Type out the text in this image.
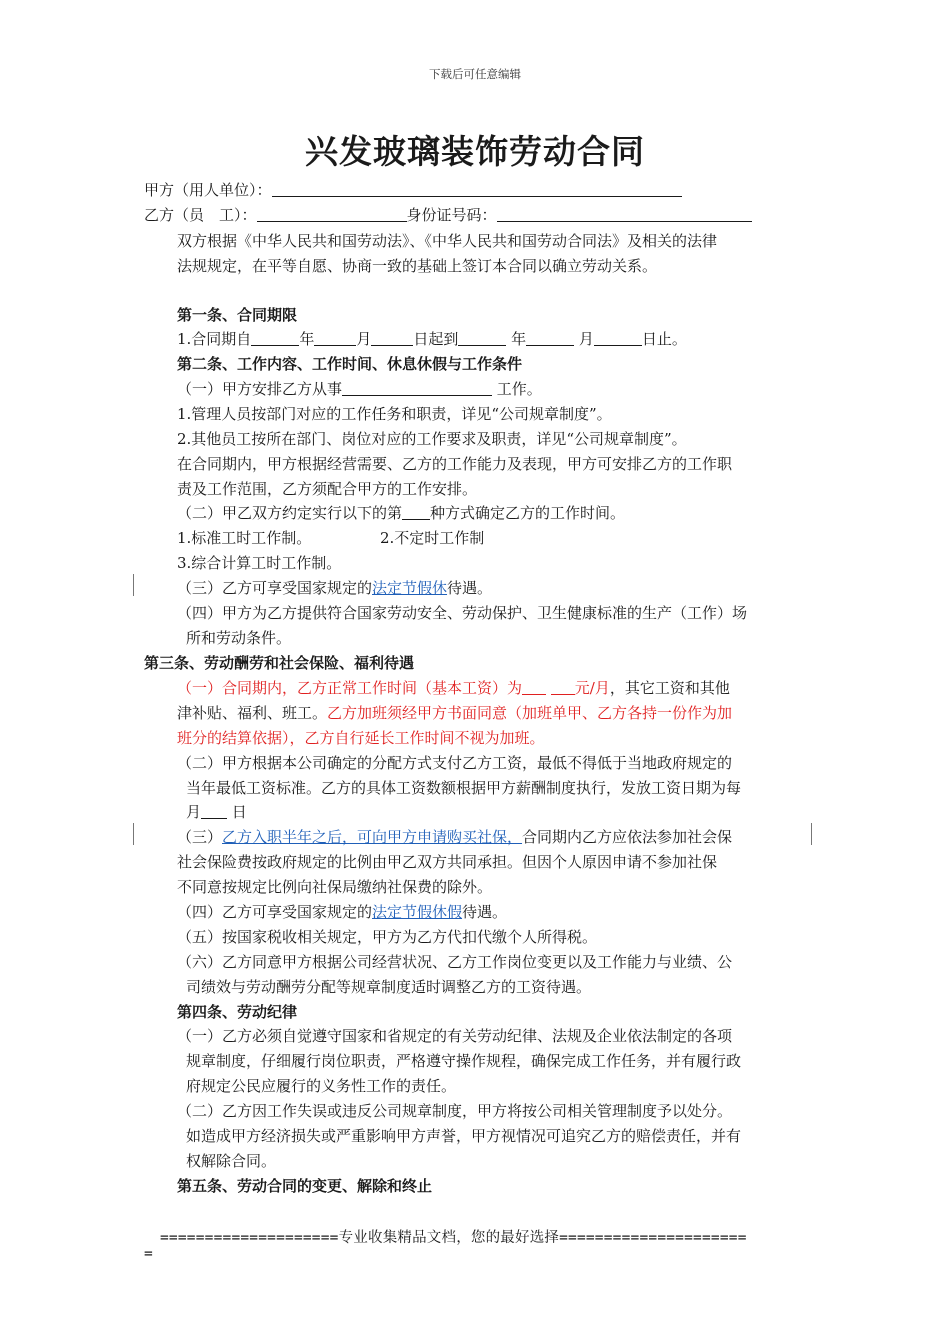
下载后可任意编辑
兴发玻璃装饰劳动合同
甲方（用人单位）：
乙方（员　工）：	身份证号码：
双方根据《中华人民共和国劳动法》、《中华人民共和国劳动合同法》及相关的法律
法规规定，在平等自愿、协商一致的基础上签订本合同以确立劳动关系。
第一条、合同期限
1.合同期自	年	月	日起到	年	月	日止。
第二条、工作内容、工作时间、休息休假与工作条件
（一）甲方安排乙方从事	工作。
1.管理人员按部门对应的工作任务和职责，详见“公司规章制度”。
2.其他员工按所在部门、岗位对应的工作要求及职责，详见“公司规章制度”。
在合同期内，甲方根据经营需要、乙方的工作能力及表现，甲方可安排乙方的工作职
责及工作范围，乙方须配合甲方的工作安排。
（二）甲乙双方约定实行以下的第 种方式确定乙方的工作时间。
1.标准工时工作制。	2.不定时工作制
3.综合计算工时工作制。
（三）乙方可享受国家规定的法定节假休待遇。
（四）甲方为乙方提供符合国家劳动安全、劳动保护、卫生健康标准的生产（工作）场
所和劳动条件。
第三条、劳动酬劳和社会保险、福利待遇
（一）合同期内，乙方正常工作时间（基本工资）为	元/月，其它工资和其他
津补贴、福利、班工。乙方加班须经甲方书面同意（加班单甲、乙方各持一份作为加
班分的结算依据），乙方自行延长工作时间不视为加班。
（二）甲方根据本公司确定的分配方式支付乙方工资，最低不得低于当地政府规定的
当年最低工资标准。乙方的具体工资数额根据甲方薪酬制度执行，发放工资日期为每
月 日
（三）乙方入职半年之后，可向甲方申请购买社保，合同期内乙方应依法参加社会保
社会保险费按政府规定的比例由甲乙双方共同承担。但因个人原因申请不参加社保
不同意按规定比例向社保局缴纳社保费的除外。
（四）乙方可享受国家规定的法定节假休假待遇。
（五）按国家税收相关规定，甲方为乙方代扣代缴个人所得税。
（六）乙方同意甲方根据公司经营状况、乙方工作岗位变更以及工作能力与业绩、公
司绩效与劳动酬劳分配等规章制度适时调整乙方的工资待遇。
第四条、劳动纪律
（一）乙方必须自觉遵守国家和省规定的有关劳动纪律、法规及企业依法制定的各项
规章制度，仔细履行岗位职责，严格遵守操作规程，确保完成工作任务，并有履行政
府规定公民应履行的义务性工作的责任。
（二）乙方因工作失误或违反公司规章制度，甲方将按公司相关管理制度予以处分。
如造成甲方经济损失或严重影响甲方声誉，甲方视情况可追究乙方的赔偿责任，并有
权解除合同。
第五条、劳动合同的变更、解除和终止
====================专业收集精品文档，您的最好选择=====================
=
